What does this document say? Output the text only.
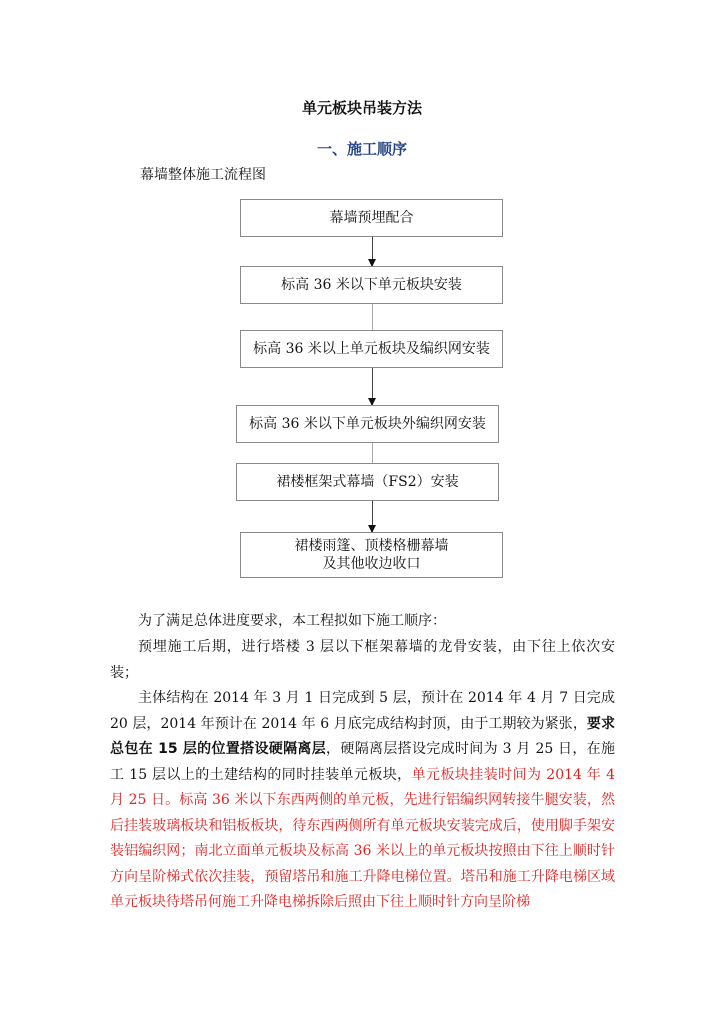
单元板块吊装方法
一、施工顺序
幕墙整体施工流程图
幕墙预埋配合
标高 36 米以下单元板块安装
标高 36 米以上单元板块及编织网安装
标高 36 米以下单元板块外编织网安装
裙楼框架式幕墙（FS2）安装
裙楼雨篷、顶楼格栅幕墙
及其他收边收口

为了满足总体进度要求，本工程拟如下施工顺序：

预埋施工后期，进行塔楼 3 层以下框架幕墙的龙骨安装，由下往上依次安装；

主体结构在 2014 年 3 月 1 日完成到 5 层，预计在 2014 年 4 月 7 日完成 20 层，2014 年预计在 2014 年 6 月底完成结构封顶，由于工期较为紧张，要求总包在 15 层的位置搭设硬隔离层，硬隔离层搭设完成时间为 3 月 25 日，在施工 15 层以上的土建结构的同时挂装单元板块，单元板块挂装时间为 2014 年 4 月 25 日。标高 36 米以下东西两侧的单元板，先进行铝编织网转接牛腿安装，然后挂装玻璃板块和铝板板块，待东西两侧所有单元板块安装完成后，使用脚手架安装铝编织网；南北立面单元板块及标高 36 米以上的单元板块按照由下往上顺时针方向呈阶梯式依次挂装，预留塔吊和施工升降电梯位置。塔吊和施工升降电梯区域单元板块待塔吊何施工升降电梯拆除后照由下往上顺时针方向呈阶梯
